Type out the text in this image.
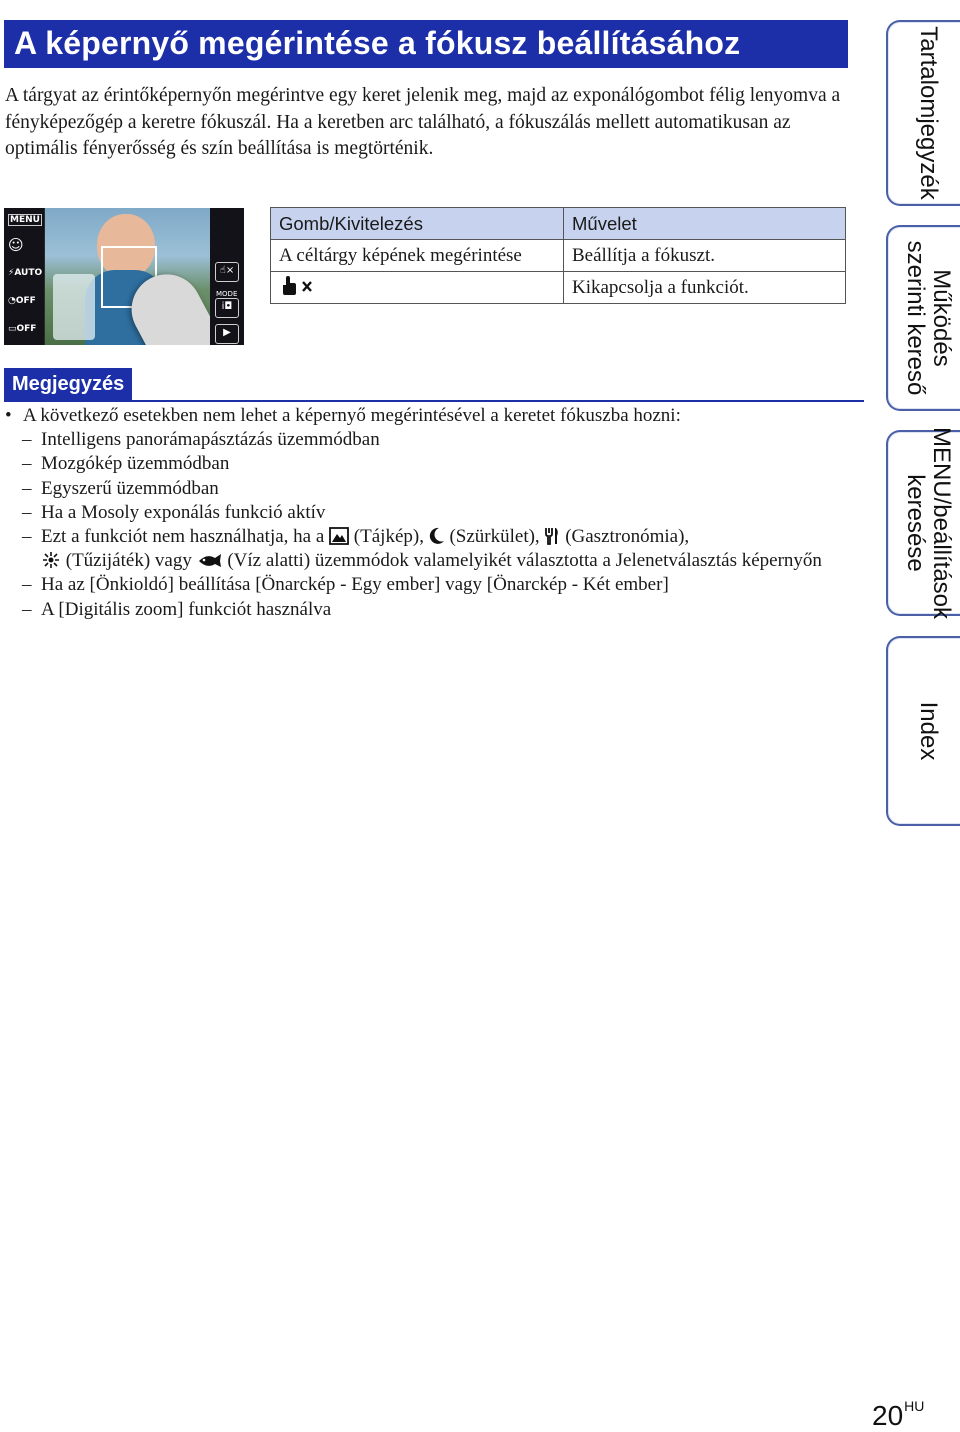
A képernyő megérintése a fókusz beállításához

A tárgyat az érintőképernyőn megérintve egy keret jelenik meg, majd az exponálógombot félig lenyomva a fényképezőgép a keretre fókuszál. Ha a keretben arc található, a fókuszálás mellett automatikusan az optimális fényerősség és szín beállítása is megtörténik.

MENU
☺
⚡AUTO
◔OFF
▭OFF
☝×
MODE
i◘
▶
Gomb/Kivitelezés	Művelet
A céltárgy képének megérintése	Beállítja a fókuszt.
	Kikapcsolja a funkciót.
Megjegyzés
• A következő esetekben nem lehet a képernyő megérintésével a keretet fókuszba hozni:
– Intelligens panorámapásztázás üzemmódban
– Mozgókép üzemmódban
– Egyszerű üzemmódban
– Ha a Mosoly exponálás funkció aktív
– Ezt a funkciót nem használhatja, ha a (Tájkép), (Szürkület), (Gasztronómia),
(Tűzijáték) vagy (Víz alatti) üzemmódok valamelyikét választotta a Jelenetválasztás képernyőn
– Ha az [Önkioldó] beállítása [Önarckép - Egy ember] vagy [Önarckép - Két ember]
– A [Digitális zoom] funkciót használva
Tartalomjegyzék
Működés
szerinti kereső
MENU/beállítások
keresése
Index
20HU
